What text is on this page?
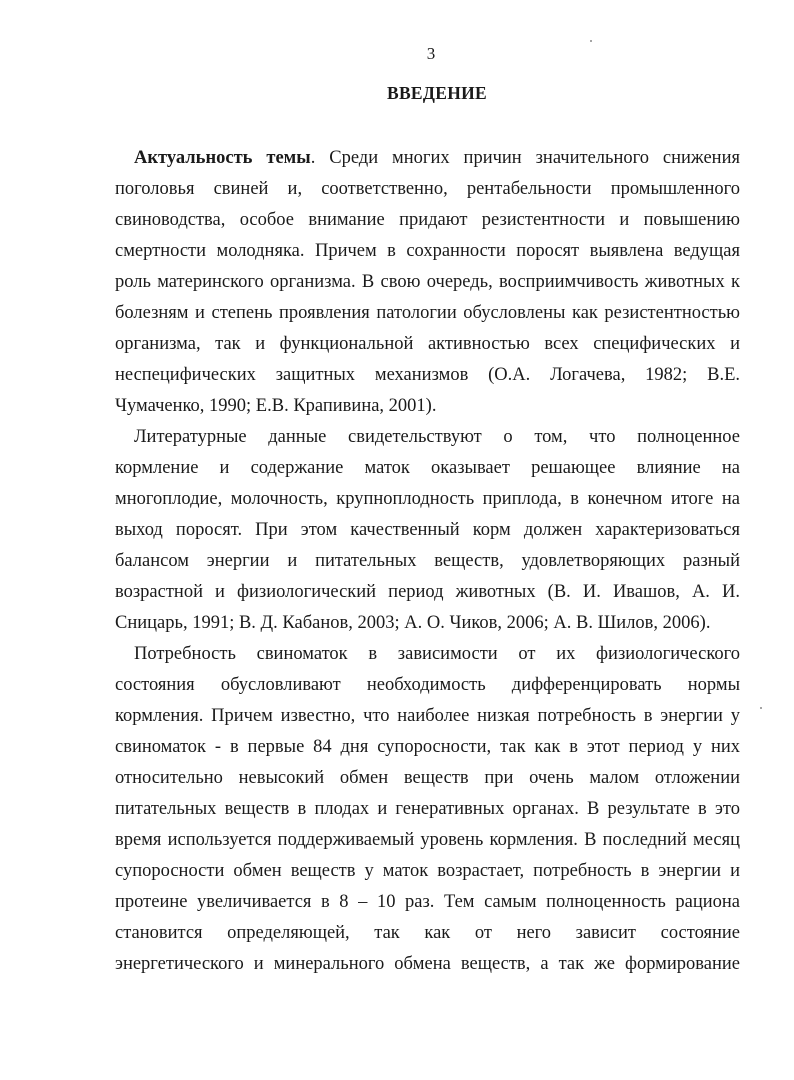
3
ВВЕДЕНИЕ
Актуальность темы. Среди многих причин значительного снижения
поголовья свиней и, соответственно, рентабельности промышленного
свиноводства, особое внимание придают резистентности и повышению
смертности молодняка. Причем в сохранности поросят выявлена ведущая
роль материнского организма. В свою очередь, восприимчивость животных к
болезням и степень проявления патологии обусловлены как резистентностью
организма, так и функциональной активностью всех специфических и
неспецифических защитных механизмов (О.А. Логачева, 1982; В.Е.
Чумаченко, 1990; Е.В. Крапивина, 2001).
Литературные данные свидетельствуют о том, что полноценное
кормление и содержание маток оказывает решающее влияние на
многоплодие, молочность, крупноплодность приплода, в конечном итоге на
выход поросят. При этом качественный корм должен характеризоваться
балансом энергии и питательных веществ, удовлетворяющих разный
возрастной и физиологический период животных (В. И. Ивашов, А. И.
Сницарь, 1991; В. Д. Кабанов, 2003; А. О. Чиков, 2006; А. В. Шилов, 2006).
Потребность свиноматок в зависимости от их физиологического
состояния обусловливают необходимость дифференцировать нормы
кормления. Причем известно, что наиболее низкая потребность в энергии у
свиноматок - в первые 84 дня супоросности, так как в этот период у них
относительно невысокий обмен веществ при очень малом отложении
питательных веществ в плодах и генеративных органах. В результате в это
время используется поддерживаемый уровень кормления. В последний месяц
супоросности обмен веществ у маток возрастает, потребность в энергии и
протеине увеличивается в 8 – 10 раз. Тем самым полноценность рациона
становится определяющей, так как от него зависит состояние
энергетического и минерального обмена веществ, а так же формирование
